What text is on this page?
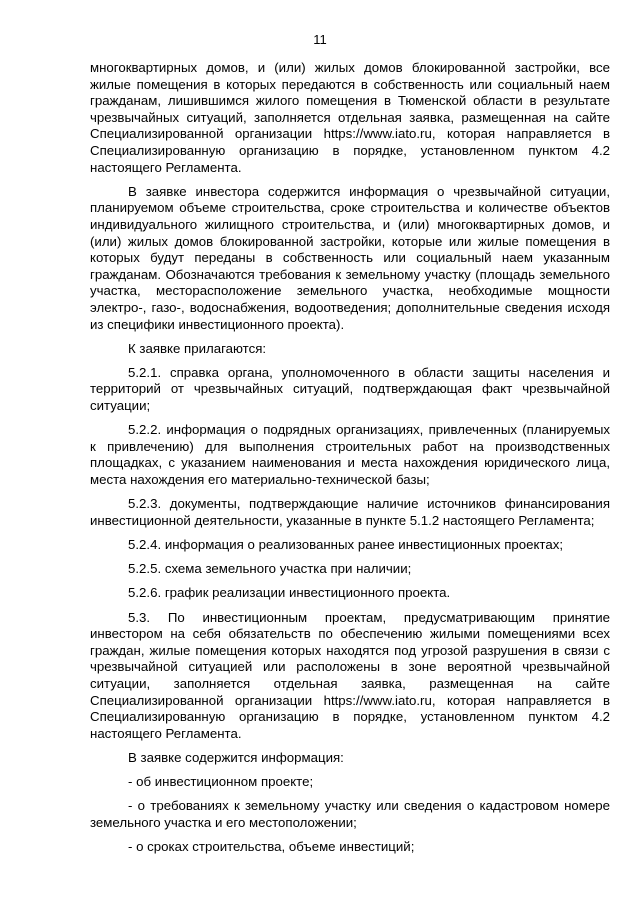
11

многоквартирных домов, и (или) жилых домов блокированной застройки, все жилые помещения в которых передаются в собственность или социальный наем гражданам, лишившимся жилого помещения в Тюменской области в результате чрезвычайных ситуаций, заполняется отдельная заявка, размещенная на сайте Специализированной организации https://www.iato.ru, которая направляется в Специализированную организацию в порядке, установленном пунктом 4.2 настоящего Регламента.

В заявке инвестора содержится информация о чрезвычайной ситуации, планируемом объеме строительства, сроке строительства и количестве объектов индивидуального жилищного строительства, и (или) многоквартирных домов, и (или) жилых домов блокированной застройки, которые или жилые помещения в которых будут переданы в собственность или социальный наем указанным гражданам. Обозначаются требования к земельному участку (площадь земельного участка, месторасположение земельного участка, необходимые мощности электро-, газо-, водоснабжения, водоотведения; дополнительные сведения исходя из специфики инвестиционного проекта).

К заявке прилагаются:

5.2.1. справка органа, уполномоченного в области защиты населения и территорий от чрезвычайных ситуаций, подтверждающая факт чрезвычайной ситуации;

5.2.2. информация о подрядных организациях, привлеченных (планируемых к привлечению) для выполнения строительных работ на производственных площадках, с указанием наименования и места нахождения юридического лица, места нахождения его материально-технической базы;

5.2.3. документы, подтверждающие наличие источников финансирования инвестиционной деятельности, указанные в пункте 5.1.2 настоящего Регламента;

5.2.4. информация о реализованных ранее инвестиционных проектах;

5.2.5. схема земельного участка при наличии;

5.2.6. график реализации инвестиционного проекта.

5.3. По инвестиционным проектам, предусматривающим принятие инвестором на себя обязательств по обеспечению жилыми помещениями всех граждан, жилые помещения которых находятся под угрозой разрушения в связи с чрезвычайной ситуацией или расположены в зоне вероятной чрезвычайной ситуации, заполняется отдельная заявка, размещенная на сайте Специализированной организации https://www.iato.ru, которая направляется в Специализированную организацию в порядке, установленном пунктом 4.2 настоящего Регламента.

В заявке содержится информация:

- об инвестиционном проекте;

- о требованиях к земельному участку или сведения о кадастровом номере земельного участка и его местоположении;

- о сроках строительства, объеме инвестиций;
